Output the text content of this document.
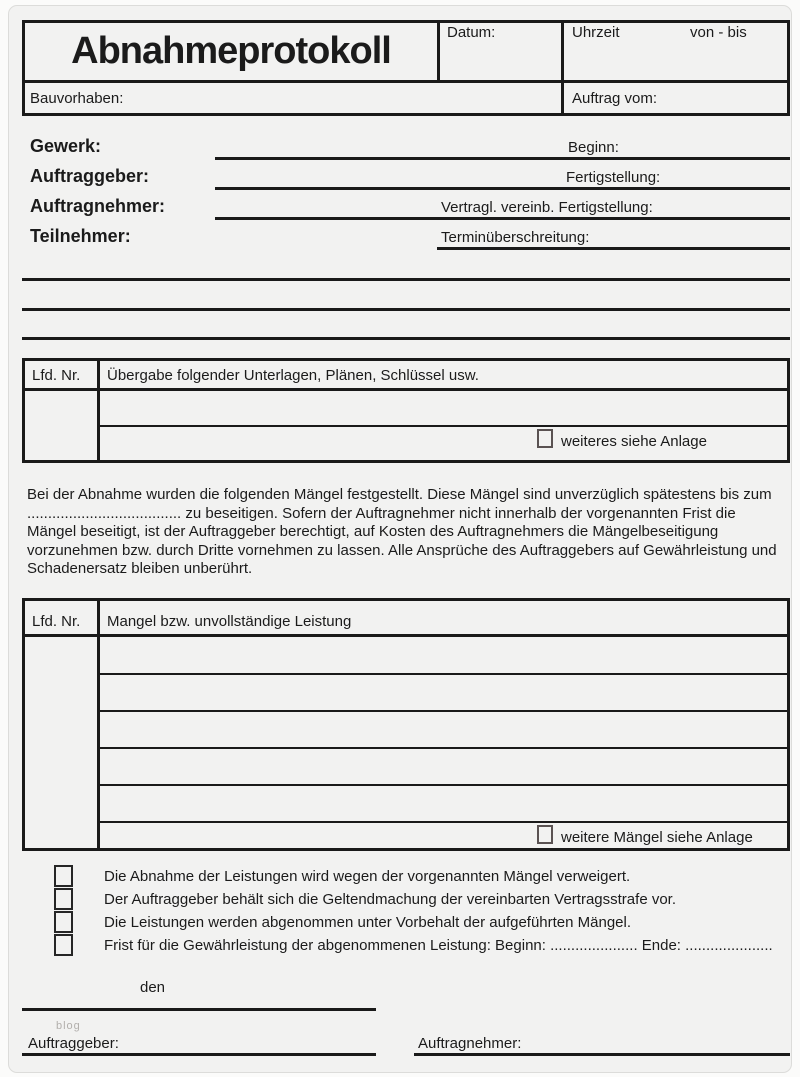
Abnahmeprotokoll	Datum:	Uhrzeit	von - bis
Bauvorhaben:	Auftrag vom:
Gewerk:
Auftraggeber:
Auftragnehmer:
Teilnehmer:
Beginn:
Fertigstellung:
Vertragl. vereinb. Fertigstellung:
Terminüberschreitung:
Lfd. Nr. Übergabe folgender Unterlagen, Plänen, Schlüssel usw.
weiteres siehe Anlage
Bei der Abnahme wurden die folgenden Mängel festgestellt. Diese Mängel sind unverzüglich spätestens bis zum ..................................... zu beseitigen. Sofern der Auftragnehmer nicht innerhalb der vorgenannten Frist die Mängel beseitigt, ist der Auftraggeber berechtigt, auf Kosten des Auftragnehmers die Mängelbeseitigung vorzunehmen bzw. durch Dritte vornehmen zu lassen. Alle Ansprüche des Auftraggebers auf Gewährleistung und Schadenersatz bleiben unberührt.
Lfd. Nr. Mangel bzw. unvollständige Leistung
weitere Mängel siehe Anlage
Die Abnahme der Leistungen wird wegen der vorgenannten Mängel verweigert.
Der Auftraggeber behält sich die Geltendmachung der vereinbarten Vertragsstrafe vor.
Die Leistungen werden abgenommen unter Vorbehalt der aufgeführten Mängel.
Frist für die Gewährleistung der abgenommenen Leistung: Beginn: ..................... Ende: .....................
den
blog
Auftraggeber:	Auftragnehmer:
